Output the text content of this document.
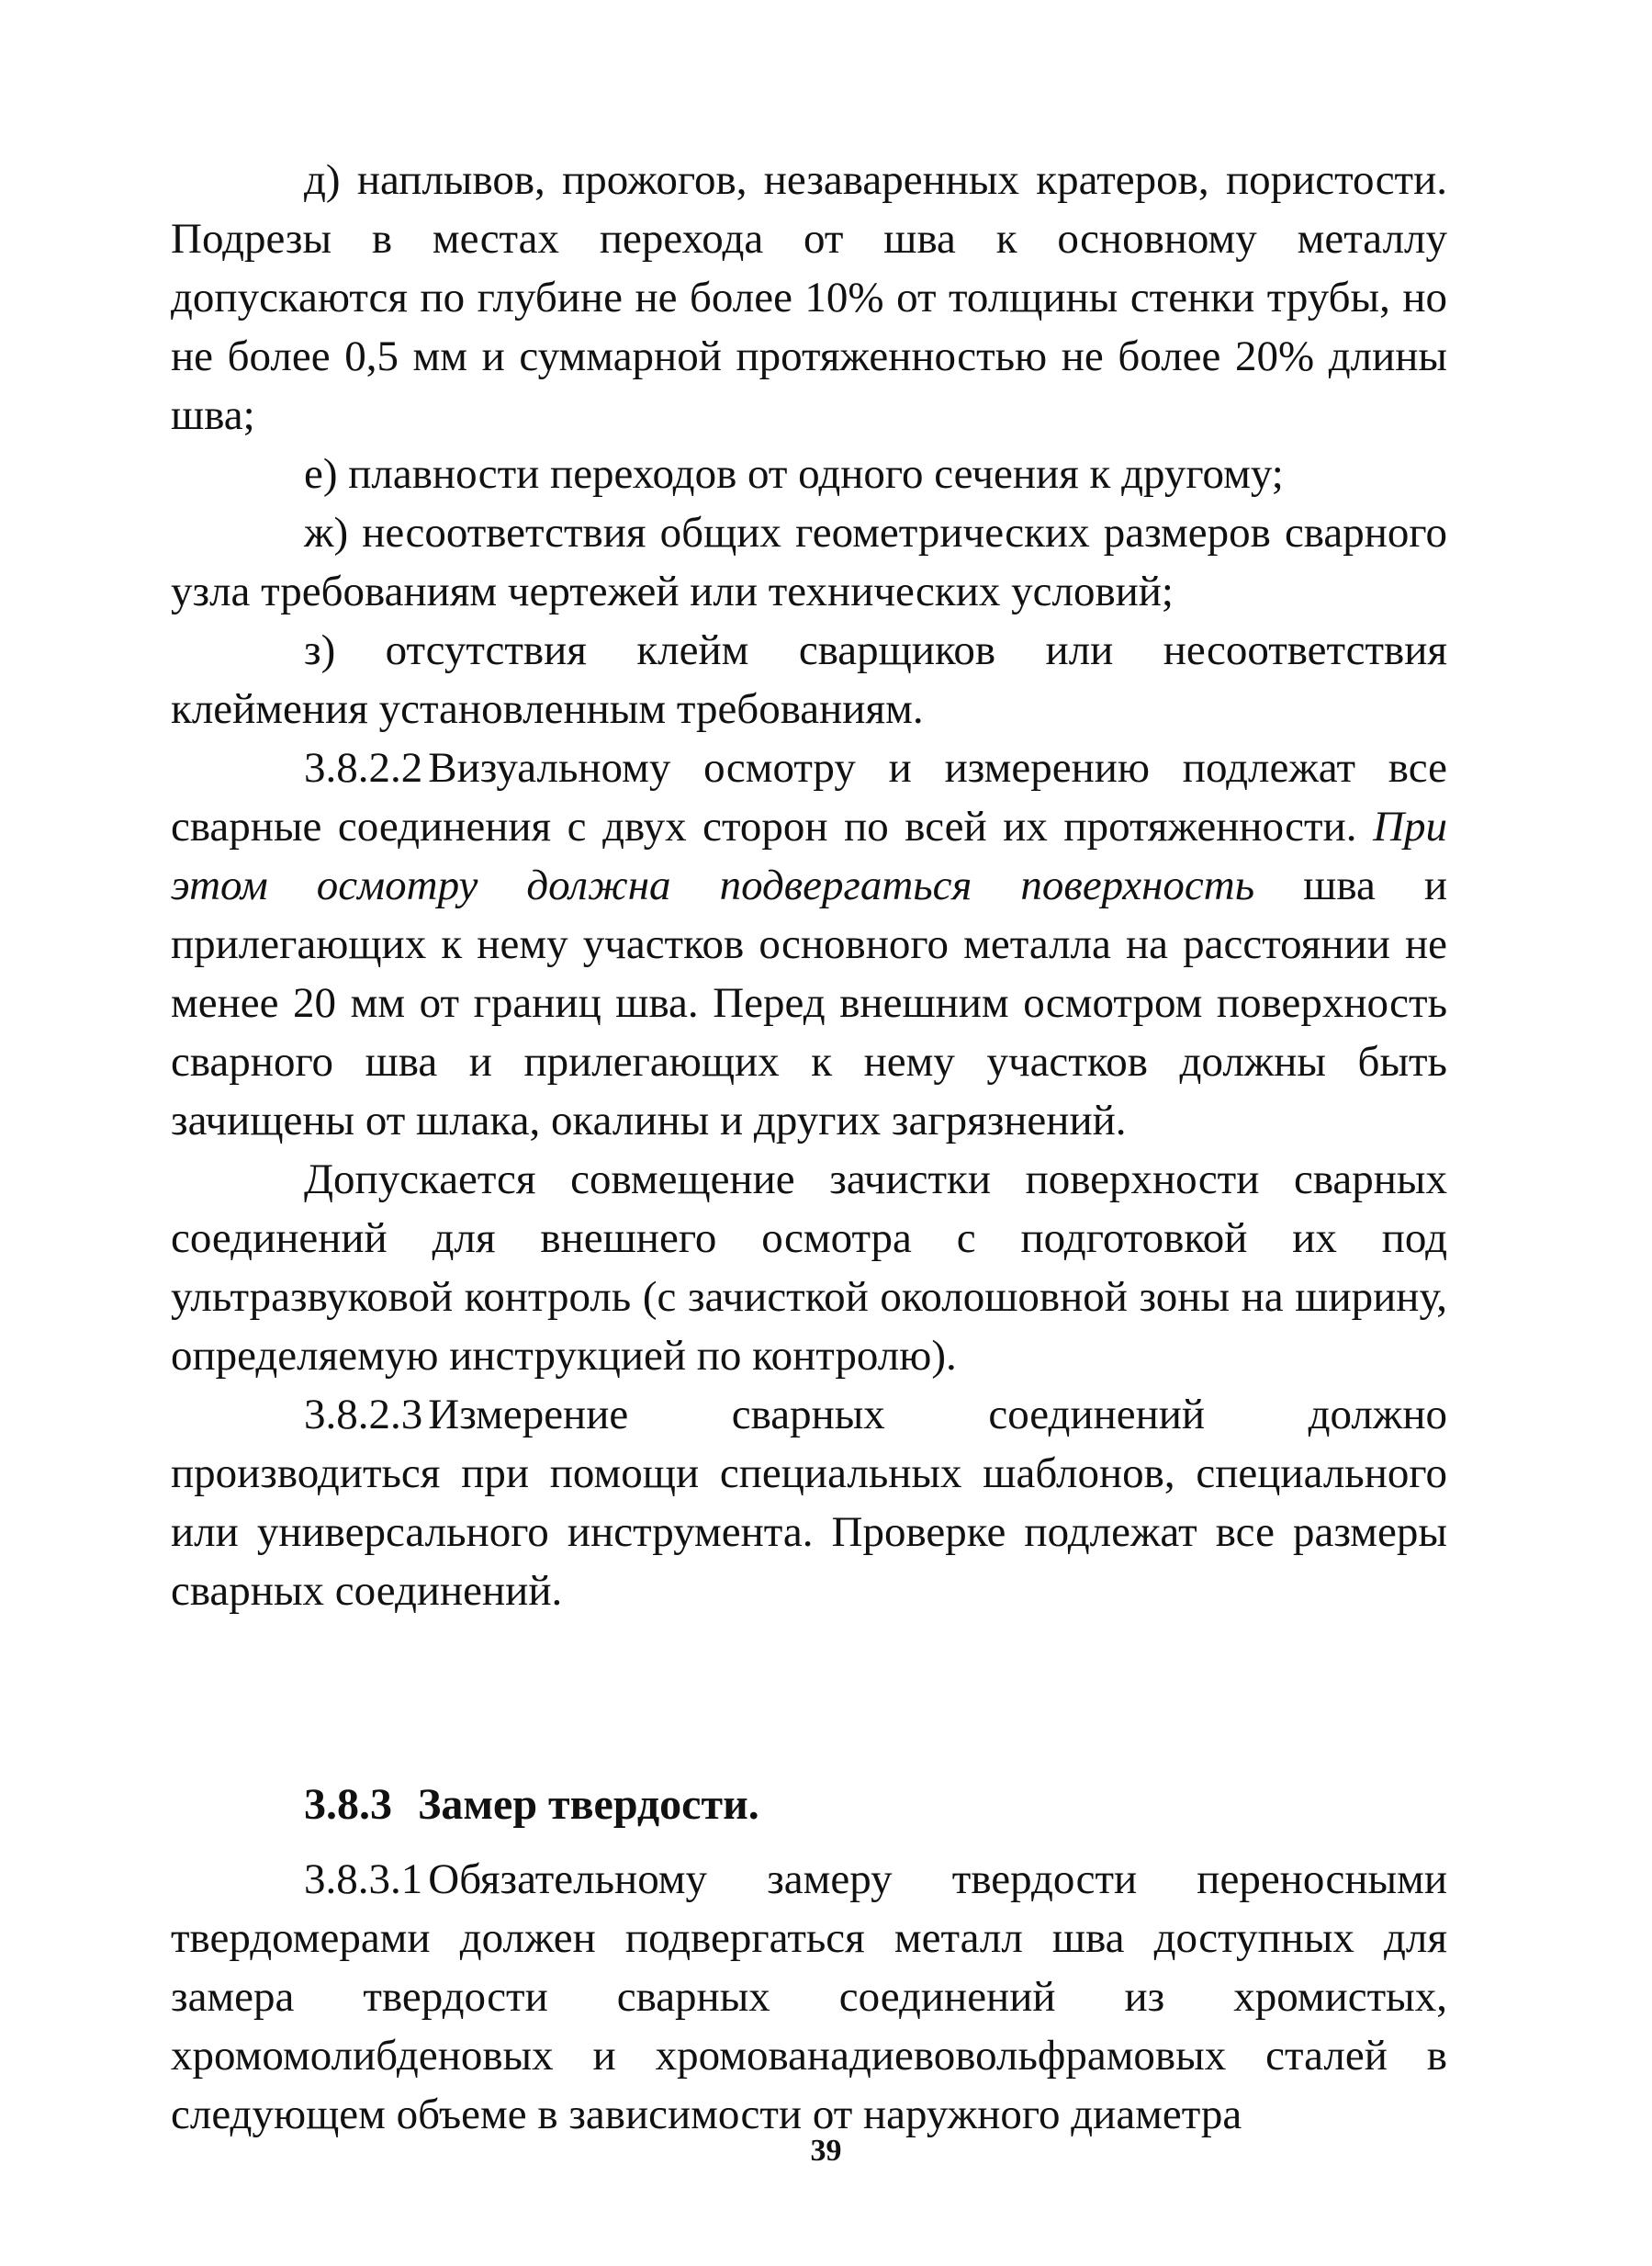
д) наплывов, прожогов, незаваренных кратеров, пористости. Подрезы в местах перехода от шва к основному металлу допускаются по глубине не более 10% от толщины стенки трубы, но не более 0,5 мм и суммарной протяженностью не более 20% длины шва;

е) плавности переходов от одного сечения к другому;

ж) несоответствия общих геометрических размеров сварного узла требованиям чертежей или технических условий;

з) отсутствия клейм сварщиков или несоответствия клеймения установленным требованиям.

3.8.2.2 Визуальному осмотру и измерению подлежат все сварные соединения с двух сторон по всей их протяженности. При этом осмотру должна подвергаться поверхность шва и прилегающих к нему участков основного металла на расстоянии не менее 20 мм от границ шва. Перед внешним осмотром поверхность сварного шва и прилегающих к нему участков должны быть зачищены от шлака, окалины и других загрязнений.

Допускается совмещение зачистки поверхности сварных соединений для внешнего осмотра с подготовкой их под ультразвуковой контроль (с зачисткой околошовной зоны на ширину, определяемую инструкцией по контролю).

3.8.2.3 Измерение сварных соединений должно производиться при помощи специальных шаблонов, специального или универсального инструмента. Проверке подлежат все размеры сварных соединений.

3.8.3 Замер твердости.

3.8.3.1 Обязательному замеру твердости переносными твердомерами должен подвергаться металл шва доступных для замера твердости сварных соединений из хромистых, хромомолибденовых и хромованадиевовольфрамовых сталей в следующем объеме в зависимости от наружного диаметра

39
